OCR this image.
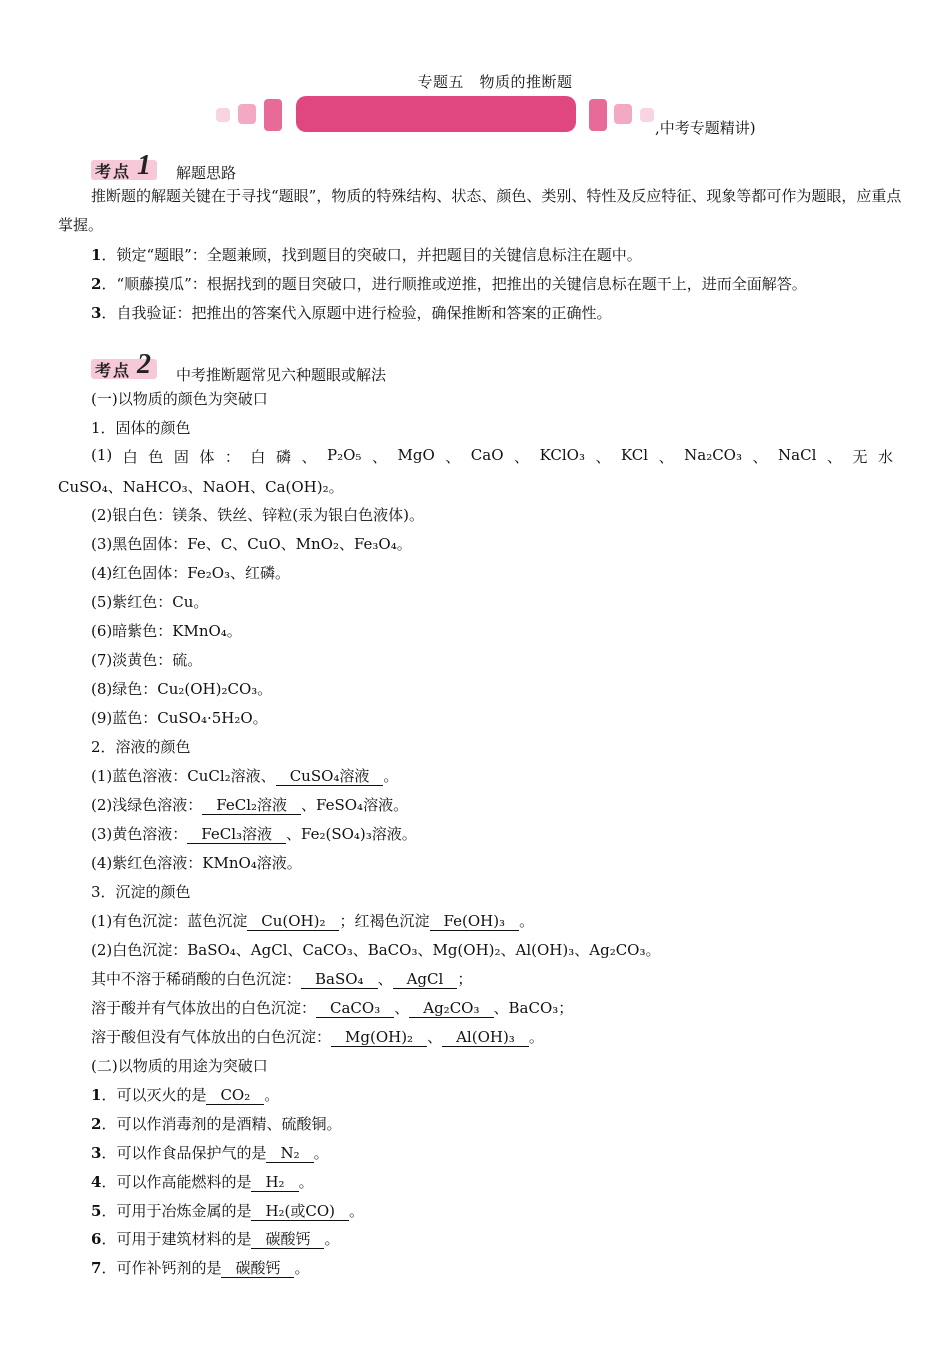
专题五　物质的推断题
,中考专题精讲)
考点 1 解题思路
推断题的解题关键在于寻找“题眼”，物质的特殊结构、状态、颜色、类别、特性及反应特征、现象等都可作为题眼，应重点掌握。
1．锁定“题眼”：全题兼顾，找到题目的突破口，并把题目的关键信息标注在题中。
2．“顺藤摸瓜”：根据找到的题目突破口，进行顺推或逆推，把推出的关键信息标在题干上，进而全面解答。
3．自我验证：把推出的答案代入原题中进行检验，确保推断和答案的正确性。
考点 2 中考推断题常见六种题眼或解法
(一)以物质的颜色为突破口
1．固体的颜色
(1) 白 色 固 体 ： 白 磷 、 P₂O₅ 、 MgO 、 CaO 、 KClO₃ 、 KCl 、 Na₂CO₃ 、 NaCl 、 无 水
CuSO₄、NaHCO₃、NaOH、Ca(OH)₂。
(2)银白色：镁条、铁丝、锌粒(汞为银白色液体)。
(3)黑色固体：Fe、C、CuO、MnO₂、Fe₃O₄。
(4)红色固体：Fe₂O₃、红磷。
(5)紫红色：Cu。
(6)暗紫色：KMnO₄。
(7)淡黄色：硫。
(8)绿色：Cu₂(OH)₂CO₃。
(9)蓝色：CuSO₄·5H₂O。
2．溶液的颜色
(1)蓝色溶液：CuCl₂溶液、 CuSO₄溶液 。
(2)浅绿色溶液： FeCl₂溶液 、FeSO₄溶液。
(3)黄色溶液： FeCl₃溶液 、Fe₂(SO₄)₃溶液。
(4)紫红色溶液：KMnO₄溶液。
3．沉淀的颜色
(1)有色沉淀：蓝色沉淀 Cu(OH)₂ ；红褐色沉淀 Fe(OH)₃ 。
(2)白色沉淀：BaSO₄、AgCl、CaCO₃、BaCO₃、Mg(OH)₂、Al(OH)₃、Ag₂CO₃。
其中不溶于稀硝酸的白色沉淀： BaSO₄ 、 AgCl ；
溶于酸并有气体放出的白色沉淀： CaCO₃ 、 Ag₂CO₃ 、BaCO₃；
溶于酸但没有气体放出的白色沉淀： Mg(OH)₂ 、 Al(OH)₃ 。
(二)以物质的用途为突破口
1．可以灭火的是 CO₂ 。
2．可以作消毒剂的是酒精、硫酸铜。
3．可以作食品保护气的是 N₂ 。
4．可以作高能燃料的是 H₂ 。
5．可用于冶炼金属的是 H₂(或CO) 。
6．可用于建筑材料的是 碳酸钙 。
7．可作补钙剂的是 碳酸钙 。
